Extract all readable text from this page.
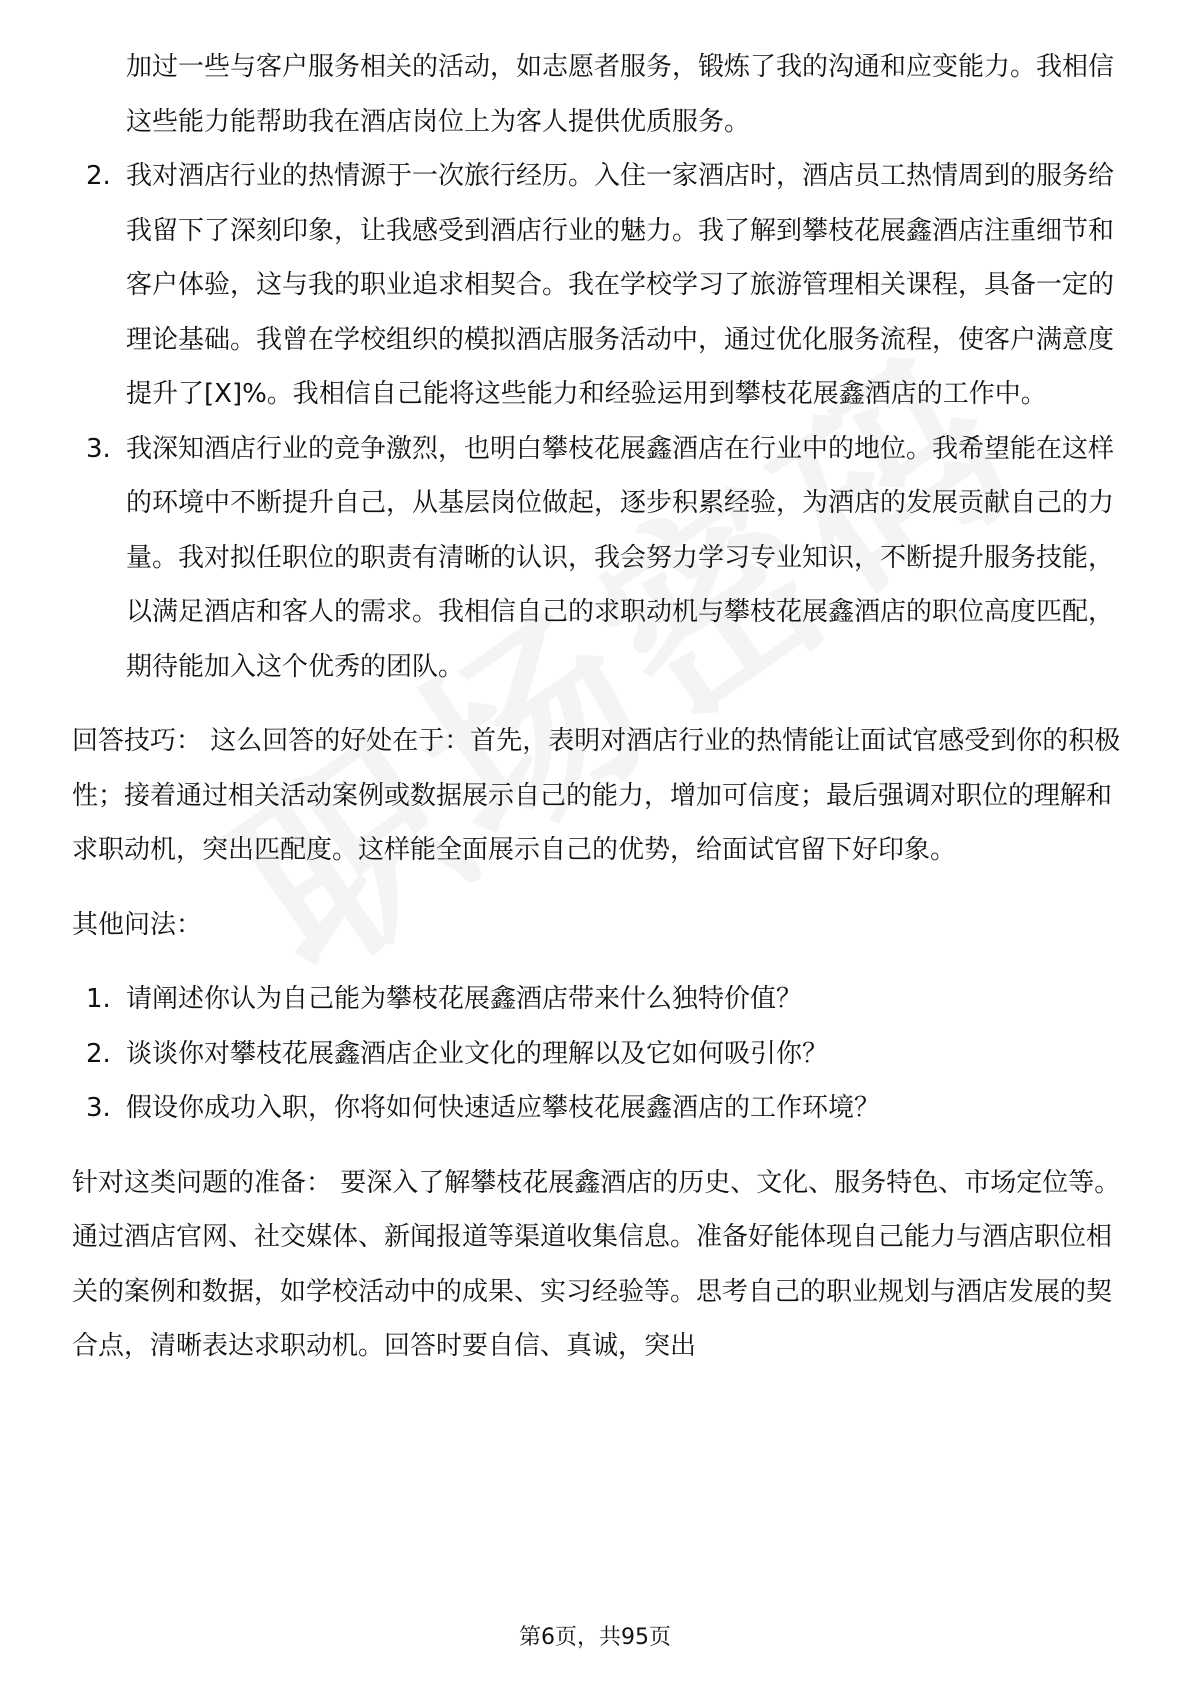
加过一些与客户服务相关的活动，如志愿者服务，锻炼了我的沟通和应变能力。我相信这些能力能帮助我在酒店岗位上为客人提供优质服务。

2. 我对酒店行业的热情源于一次旅行经历。入住一家酒店时，酒店员工热情周到的服务给我留下了深刻印象，让我感受到酒店行业的魅力。我了解到攀枝花展鑫酒店注重细节和客户体验，这与我的职业追求相契合。我在学校学习了旅游管理相关课程，具备一定的理论基础。我曾在学校组织的模拟酒店服务活动中，通过优化服务流程，使客户满意度提升了[X]%。我相信自己能将这些能力和经验运用到攀枝花展鑫酒店的工作中。
3. 我深知酒店行业的竞争激烈，也明白攀枝花展鑫酒店在行业中的地位。我希望能在这样的环境中不断提升自己，从基层岗位做起，逐步积累经验，为酒店的发展贡献自己的力量。我对拟任职位的职责有清晰的认识，我会努力学习专业知识，不断提升服务技能，以满足酒店和客人的需求。我相信自己的求职动机与攀枝花展鑫酒店的职位高度匹配，期待能加入这个优秀的团队。

回答技巧： 这么回答的好处在于：首先，表明对酒店行业的热情能让面试官感受到你的积极性；接着通过相关活动案例或数据展示自己的能力，增加可信度；最后强调对职位的理解和求职动机，突出匹配度。这样能全面展示自己的优势，给面试官留下好印象。

其他问法：

1. 请阐述你认为自己能为攀枝花展鑫酒店带来什么独特价值？
2. 谈谈你对攀枝花展鑫酒店企业文化的理解以及它如何吸引你？
3. 假设你成功入职，你将如何快速适应攀枝花展鑫酒店的工作环境？

针对这类问题的准备： 要深入了解攀枝花展鑫酒店的历史、文化、服务特色、市场定位等。通过酒店官网、社交媒体、新闻报道等渠道收集信息。准备好能体现自己能力与酒店职位相关的案例和数据，如学校活动中的成果、实习经验等。思考自己的职业规划与酒店发展的契合点，清晰表达求职动机。回答时要自信、真诚，突出

第6页，共95页
